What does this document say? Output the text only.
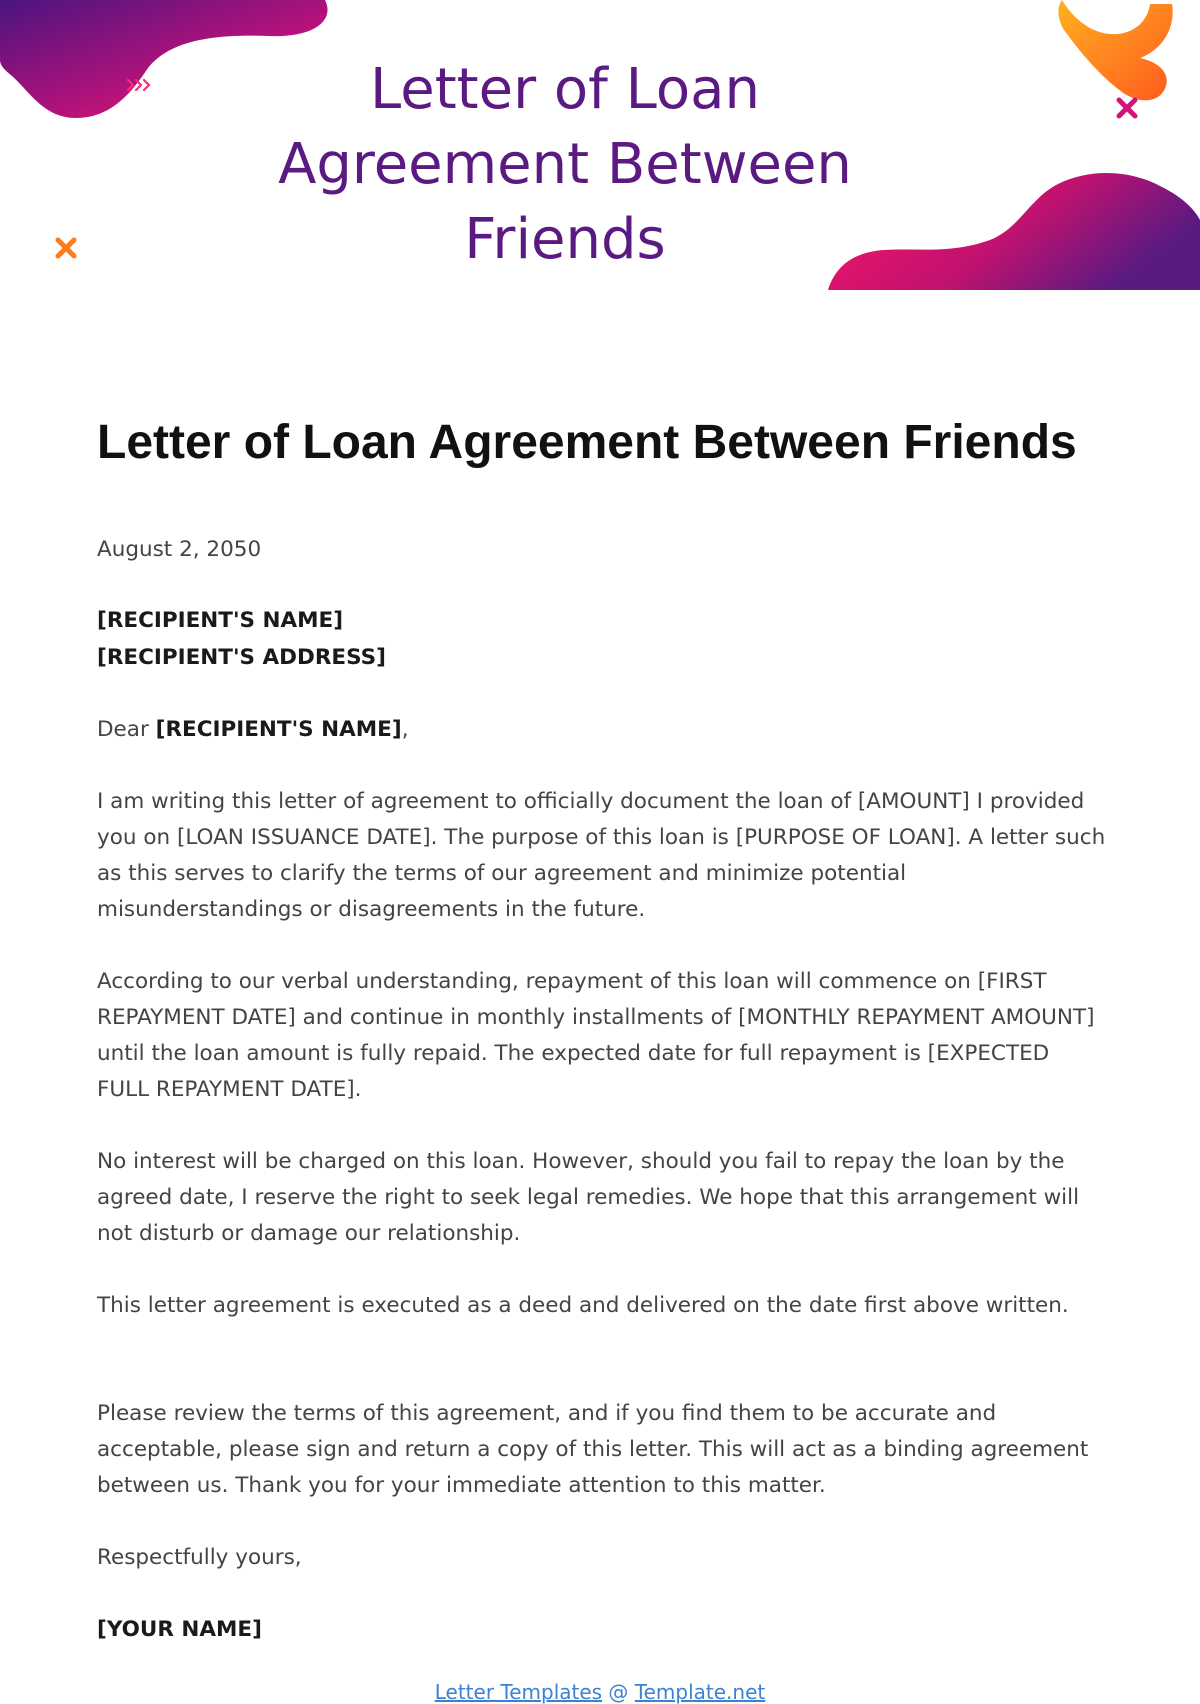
Letter of Loan Agreement Between Friends
Letter of Loan Agreement Between Friends

August 2, 2050

[RECIPIENT'S NAME]

[RECIPIENT'S ADDRESS]

Dear [RECIPIENT'S NAME],

I am writing this letter of agreement to officially document the loan of [AMOUNT] I provided you on [LOAN ISSUANCE DATE]. The purpose of this loan is [PURPOSE OF LOAN]. A letter such as this serves to clarify the terms of our agreement and minimize potential misunderstandings or disagreements in the future.

According to our verbal understanding, repayment of this loan will commence on [FIRST REPAYMENT DATE] and continue in monthly installments of [MONTHLY REPAYMENT AMOUNT] until the loan amount is fully repaid. The expected date for full repayment is [EXPECTED FULL REPAYMENT DATE].

No interest will be charged on this loan. However, should you fail to repay the loan by the agreed date, I reserve the right to seek legal remedies. We hope that this arrangement will not disturb or damage our relationship.

This letter agreement is executed as a deed and delivered on the date first above written.

Please review the terms of this agreement, and if you find them to be accurate and acceptable, please sign and return a copy of this letter. This will act as a binding agreement between us. Thank you for your immediate attention to this matter.

Respectfully yours,

[YOUR NAME]

Letter Templates @ Template.net
